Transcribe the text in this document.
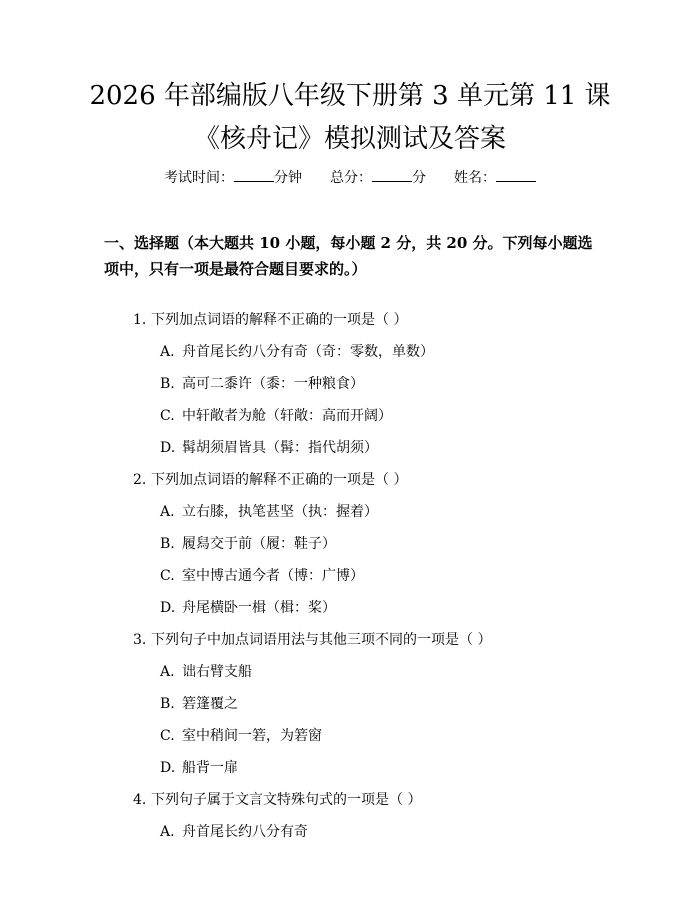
2026 年部编版八年级下册第 3 单元第 11 课
《核舟记》模拟测试及答案
考试时间：	分钟 总分：	分 姓名：
一、选择题（本大题共 10 小题，每小题 2 分，共 20 分。下列每小题选项中，只有一项是最符合题目要求的。）
1. 下列加点词语的解释不正确的一项是（ ）
A. 舟首尾长约八分有奇（奇：零数，单数）
B. 高可二黍许（黍：一种粮食）
C. 中轩敞者为舱（轩敞：高而开阔）
D. 髯胡须眉皆具（髯：指代胡须）
2. 下列加点词语的解释不正确的一项是（ ）
A. 立右膝，执笔甚坚（执：握着）
B. 履舄交于前（履：鞋子）
C. 室中博古通今者（博：广博）
D. 舟尾横卧一楫（楫：桨）
3. 下列句子中加点词语用法与其他三项不同的一项是（ ）
A. 诎右臂支船
B. 箬篷覆之
C. 室中稍间一箬，为箬窗
D. 船背一扉
4. 下列句子属于文言文特殊句式的一项是（ ）
A. 舟首尾长约八分有奇
